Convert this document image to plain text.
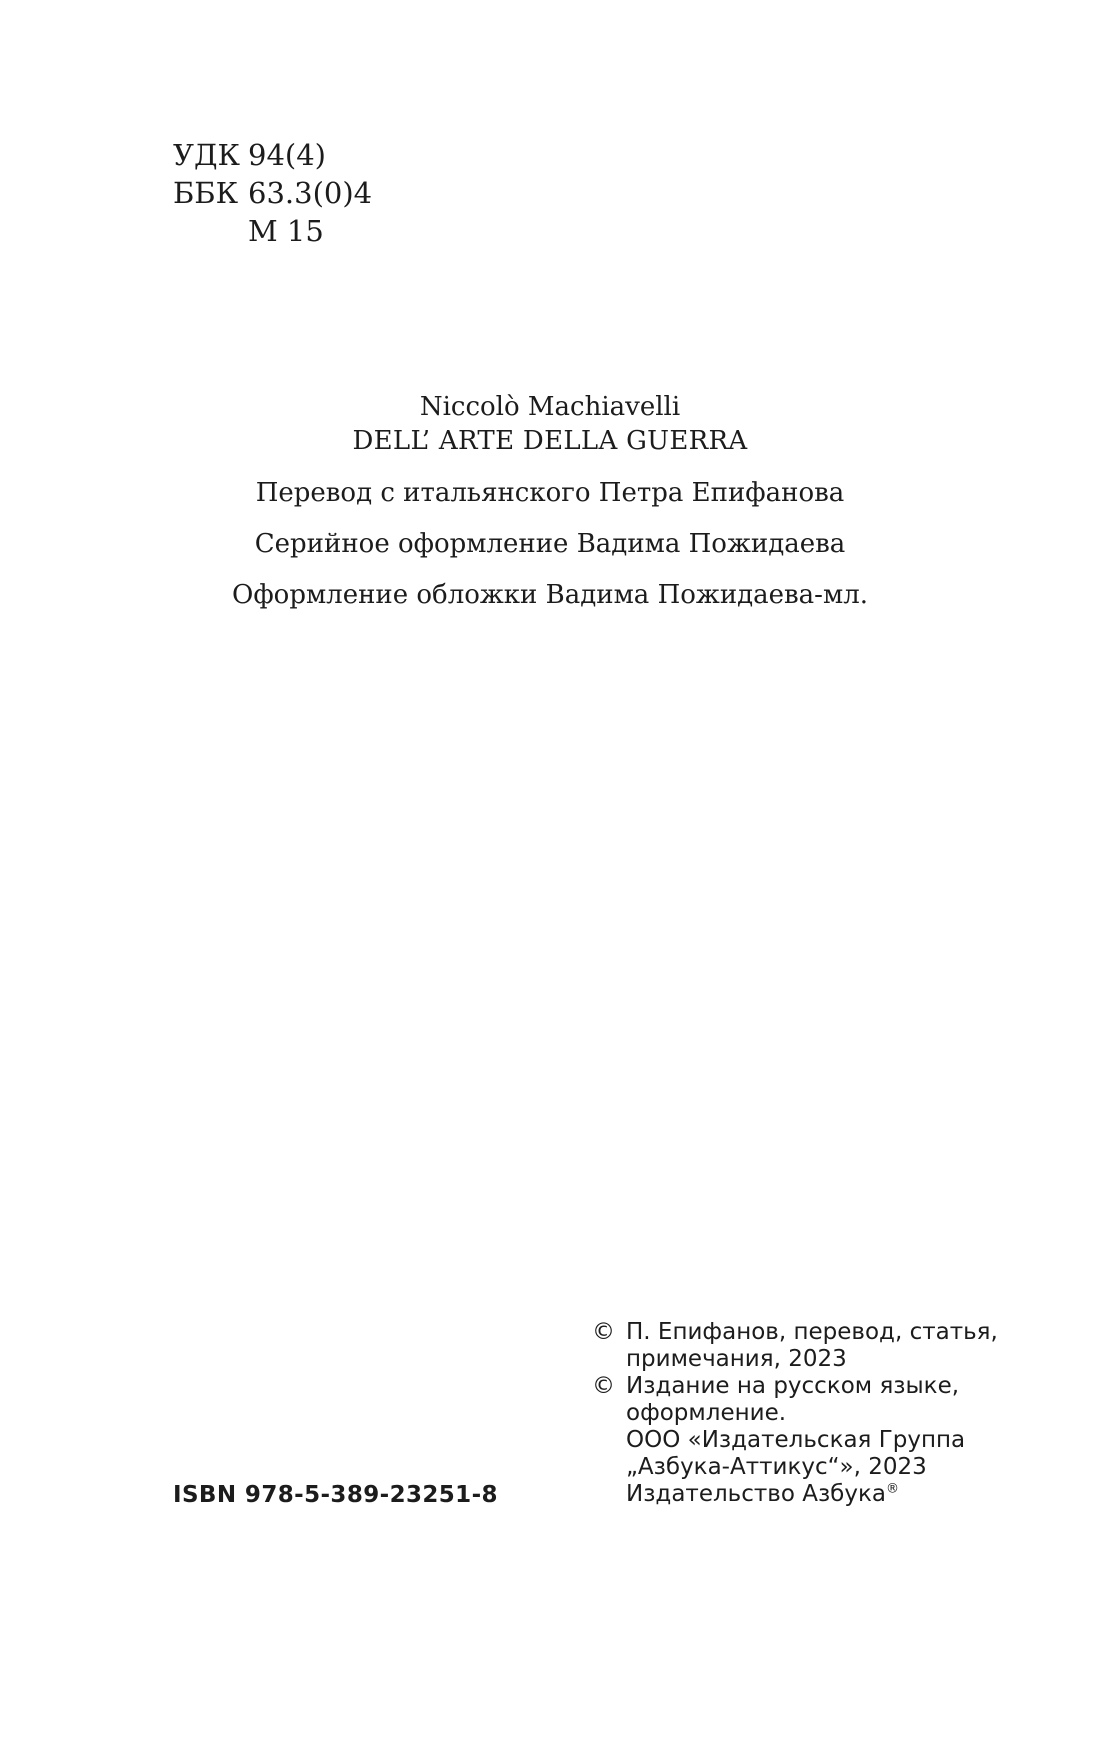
УДК 94(4)
ББК 63.3(0)4
М 15
Niccolò Machiavelli
DELL’ ARTE DELLA GUERRA
Перевод с итальянского Петра Епифанова
Серийное оформление Вадима Пожидаева
Оформление обложки Вадима Пожидаева-мл.
ISBN 978-5-389-23251-8
© П. Епифанов, перевод, статья,
примечания, 2023
© Издание на русском языке,
оформление.
ООО «Издательская Группа
„Азбука-Аттикус“», 2023
Издательство Азбука®
